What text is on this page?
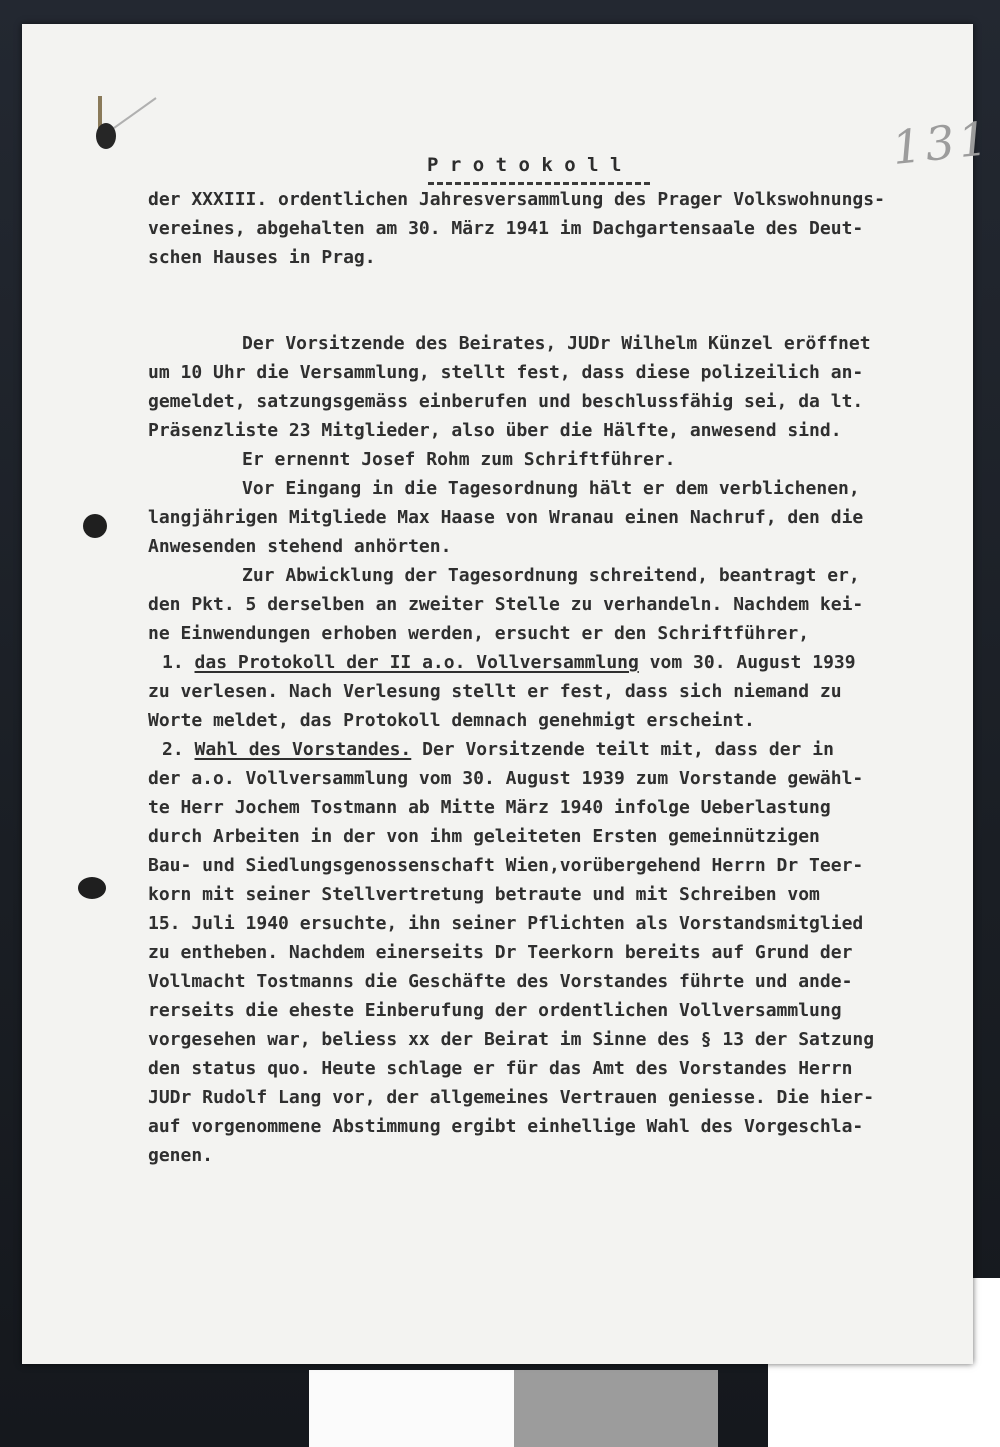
131
P r o t o k o l l
der XXXIII. ordentlichen Jahresversammlung des Prager Volkswohnungs-
vereines, abgehalten am 30. März 1941 im Dachgartensaale des Deut-
schen Hauses in Prag.
Der Vorsitzende des Beirates, JUDr Wilhelm Künzel eröffnet
um 10 Uhr die Versammlung, stellt fest, dass diese polizeilich an-
gemeldet, satzungsgemäss einberufen und beschlussfähig sei, da lt.
Präsenzliste 23 Mitglieder, also über die Hälfte, anwesend sind.
Er ernennt Josef Rohm zum Schriftführer.
Vor Eingang in die Tagesordnung hält er dem verblichenen,
langjährigen Mitgliede Max Haase von Wranau einen Nachruf, den die
Anwesenden stehend anhörten.
Zur Abwicklung der Tagesordnung schreitend, beantragt er,
den Pkt. 5 derselben an zweiter Stelle zu verhandeln. Nachdem kei-
ne Einwendungen erhoben werden, ersucht er den Schriftführer,
1. das Protokoll der II a.o. Vollversammlung vom 30. August 1939
zu verlesen. Nach Verlesung stellt er fest, dass sich niemand zu
Worte meldet, das Protokoll demnach genehmigt erscheint.
2. Wahl des Vorstandes. Der Vorsitzende teilt mit, dass der in
der a.o. Vollversammlung vom 30. August 1939 zum Vorstande gewähl-
te Herr Jochem Tostmann ab Mitte März 1940 infolge Ueberlastung
durch Arbeiten in der von ihm geleiteten Ersten gemeinnützigen
Bau- und Siedlungsgenossenschaft Wien,vorübergehend Herrn Dr Teer-
korn mit seiner Stellvertretung betraute und mit Schreiben vom
15. Juli 1940 ersuchte, ihn seiner Pflichten als Vorstandsmitglied
zu entheben. Nachdem einerseits Dr Teerkorn bereits auf Grund der
Vollmacht Tostmanns die Geschäfte des Vorstandes führte und ande-
rerseits die eheste Einberufung der ordentlichen Vollversammlung
vorgesehen war, beliess xx der Beirat im Sinne des § 13 der Satzung
den status quo. Heute schlage er für das Amt des Vorstandes Herrn
JUDr Rudolf Lang vor, der allgemeines Vertrauen geniesse. Die hier-
auf vorgenommene Abstimmung ergibt einhellige Wahl des Vorgeschla-
genen.
